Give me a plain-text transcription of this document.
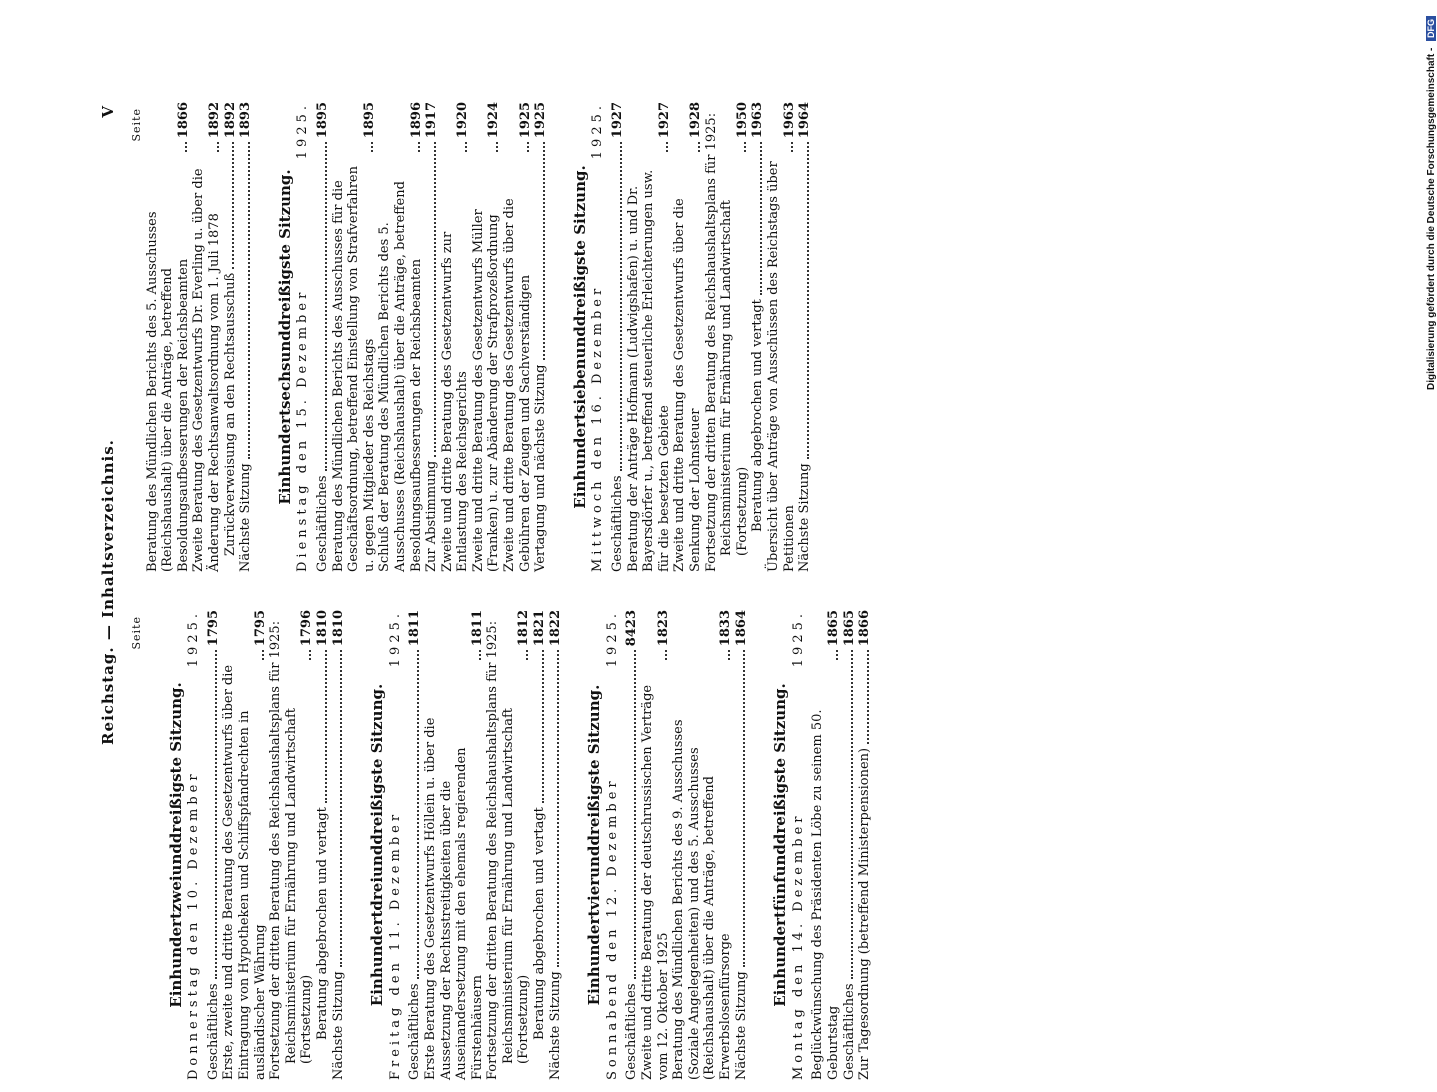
Reichstag. — Inhaltsverzeichnis.
V
Seite
Einhundertzweiunddreißigste Sitzung. Donnerstag den 10. Dezember
1925.
Geschäftliches
1795
Erste, zweite und dritte Beratung des Gesetzentwurfs über die Eintragung von Hypotheken und Schiffspfandrechten in ausländischer Währung
1795 Fortsetzung der dritten Beratung des Reichshaushaltsplans für 1925: Reichsministerium für Ernährung und Landwirtschaft (Fortsetzung)
1796
Beratung abgebrochen und vertagt
1810
Nächste Sitzung
1810
Einhundertdreiunddreißigste Sitzung. Freitag den 11. Dezember
1925.
Geschäftliches
1811
Erste Beratung des Gesetzentwurfs Höllein u. über die Aussetzung der Rechtsstreitigkeiten über die Auseinandersetzung mit den ehemals regierenden Fürstenhäusern
1811 Fortsetzung der dritten Beratung des Reichshaushaltsplans für 1925: Reichsministerium für Ernährung und Landwirtschaft (Fortsetzung)
1812
Beratung abgebrochen und vertagt
1821
Nächste Sitzung
1822
Einhundertvierunddreißigste Sitzung. Sonnabend den 12. Dezember
1925.
Geschäftliches
8423
Zweite und dritte Beratung der deutschrussischen Verträge vom 12. Oktober 1925
1823
Beratung des Mündlichen Berichts des 9. Ausschusses (Soziale Angelegenheiten) und des 5. Ausschusses (Reichshaushalt) über die Anträge, betreffend Erwerbslosenfürsorge
1833
Nächste Sitzung
1864
Einhundertfünfunddreißigste Sitzung. Montag den 14. Dezember
1925.
Beglückwünschung des Präsidenten Löbe zu seinem 50. Geburtstag
1865
Geschäftliches
1865
Zur Tagesordnung (betreffend Ministerpensionen)
1866
Seite
Beratung des Mündlichen Berichts des 5. Ausschusses (Reichshaushalt) über die Anträge, betreffend Besoldungsaufbesserungen der Reichsbeamten
1866
Zweite Beratung des Gesetzentwurfs Dr. Everling u. über die Änderung der Rechtsanwaltsordnung vom 1. Juli 1878
1892
Zurückverweisung an den Rechtsausschuß
1892
Nächste Sitzung
1893
Einhundertsechsunddreißigste Sitzung. Dienstag den 15. Dezember
1925.
Geschäftliches
1895
Beratung des Mündlichen Berichts des Ausschusses für die Geschäftsordnung, betreffend Einstellung von Strafverfahren u. gegen Mitglieder des Reichstags
1895
Schluß der Beratung des Mündlichen Berichts des 5. Ausschusses (Reichshaushalt) über die Anträge, betreffend Besoldungsaufbesserungen der Reichsbeamten
1896
Zur Abstimmung
1917
Zweite und dritte Beratung des Gesetzentwurfs zur Entlastung des Reichsgerichts
1920
Zweite und dritte Beratung des Gesetzentwurfs Müller (Franken) u. zur Abänderung der Strafprozeßordnung
1924
Zweite und dritte Beratung des Gesetzentwurfs über die Gebühren der Zeugen und Sachverständigen
1925
Vertagung und nächste Sitzung
1925
Einhundertsiebenunddreißigste Sitzung. Mittwoch den 16. Dezember
1925.
Geschäftliches
1927
Beratung der Anträge Hofmann (Ludwigshafen) u. und Dr. Bayersdörfer u., betreffend steuerliche Erleichterungen usw. für die besetzten Gebiete
1927
Zweite und dritte Beratung des Gesetzentwurfs über die Senkung der Lohnsteuer
1928 Fortsetzung der dritten Beratung des Reichshaushaltsplans für 1925: Reichsministerium für Ernährung und Landwirtschaft (Fortsetzung)
1950
Beratung abgebrochen und vertagt
1963
Übersicht über Anträge von Ausschüssen des Reichstags über Petitionen
1963
Nächste Sitzung
1964	Digitalisierung gefördert durch die Deutsche Forschungsgemeinschaft - DFG
